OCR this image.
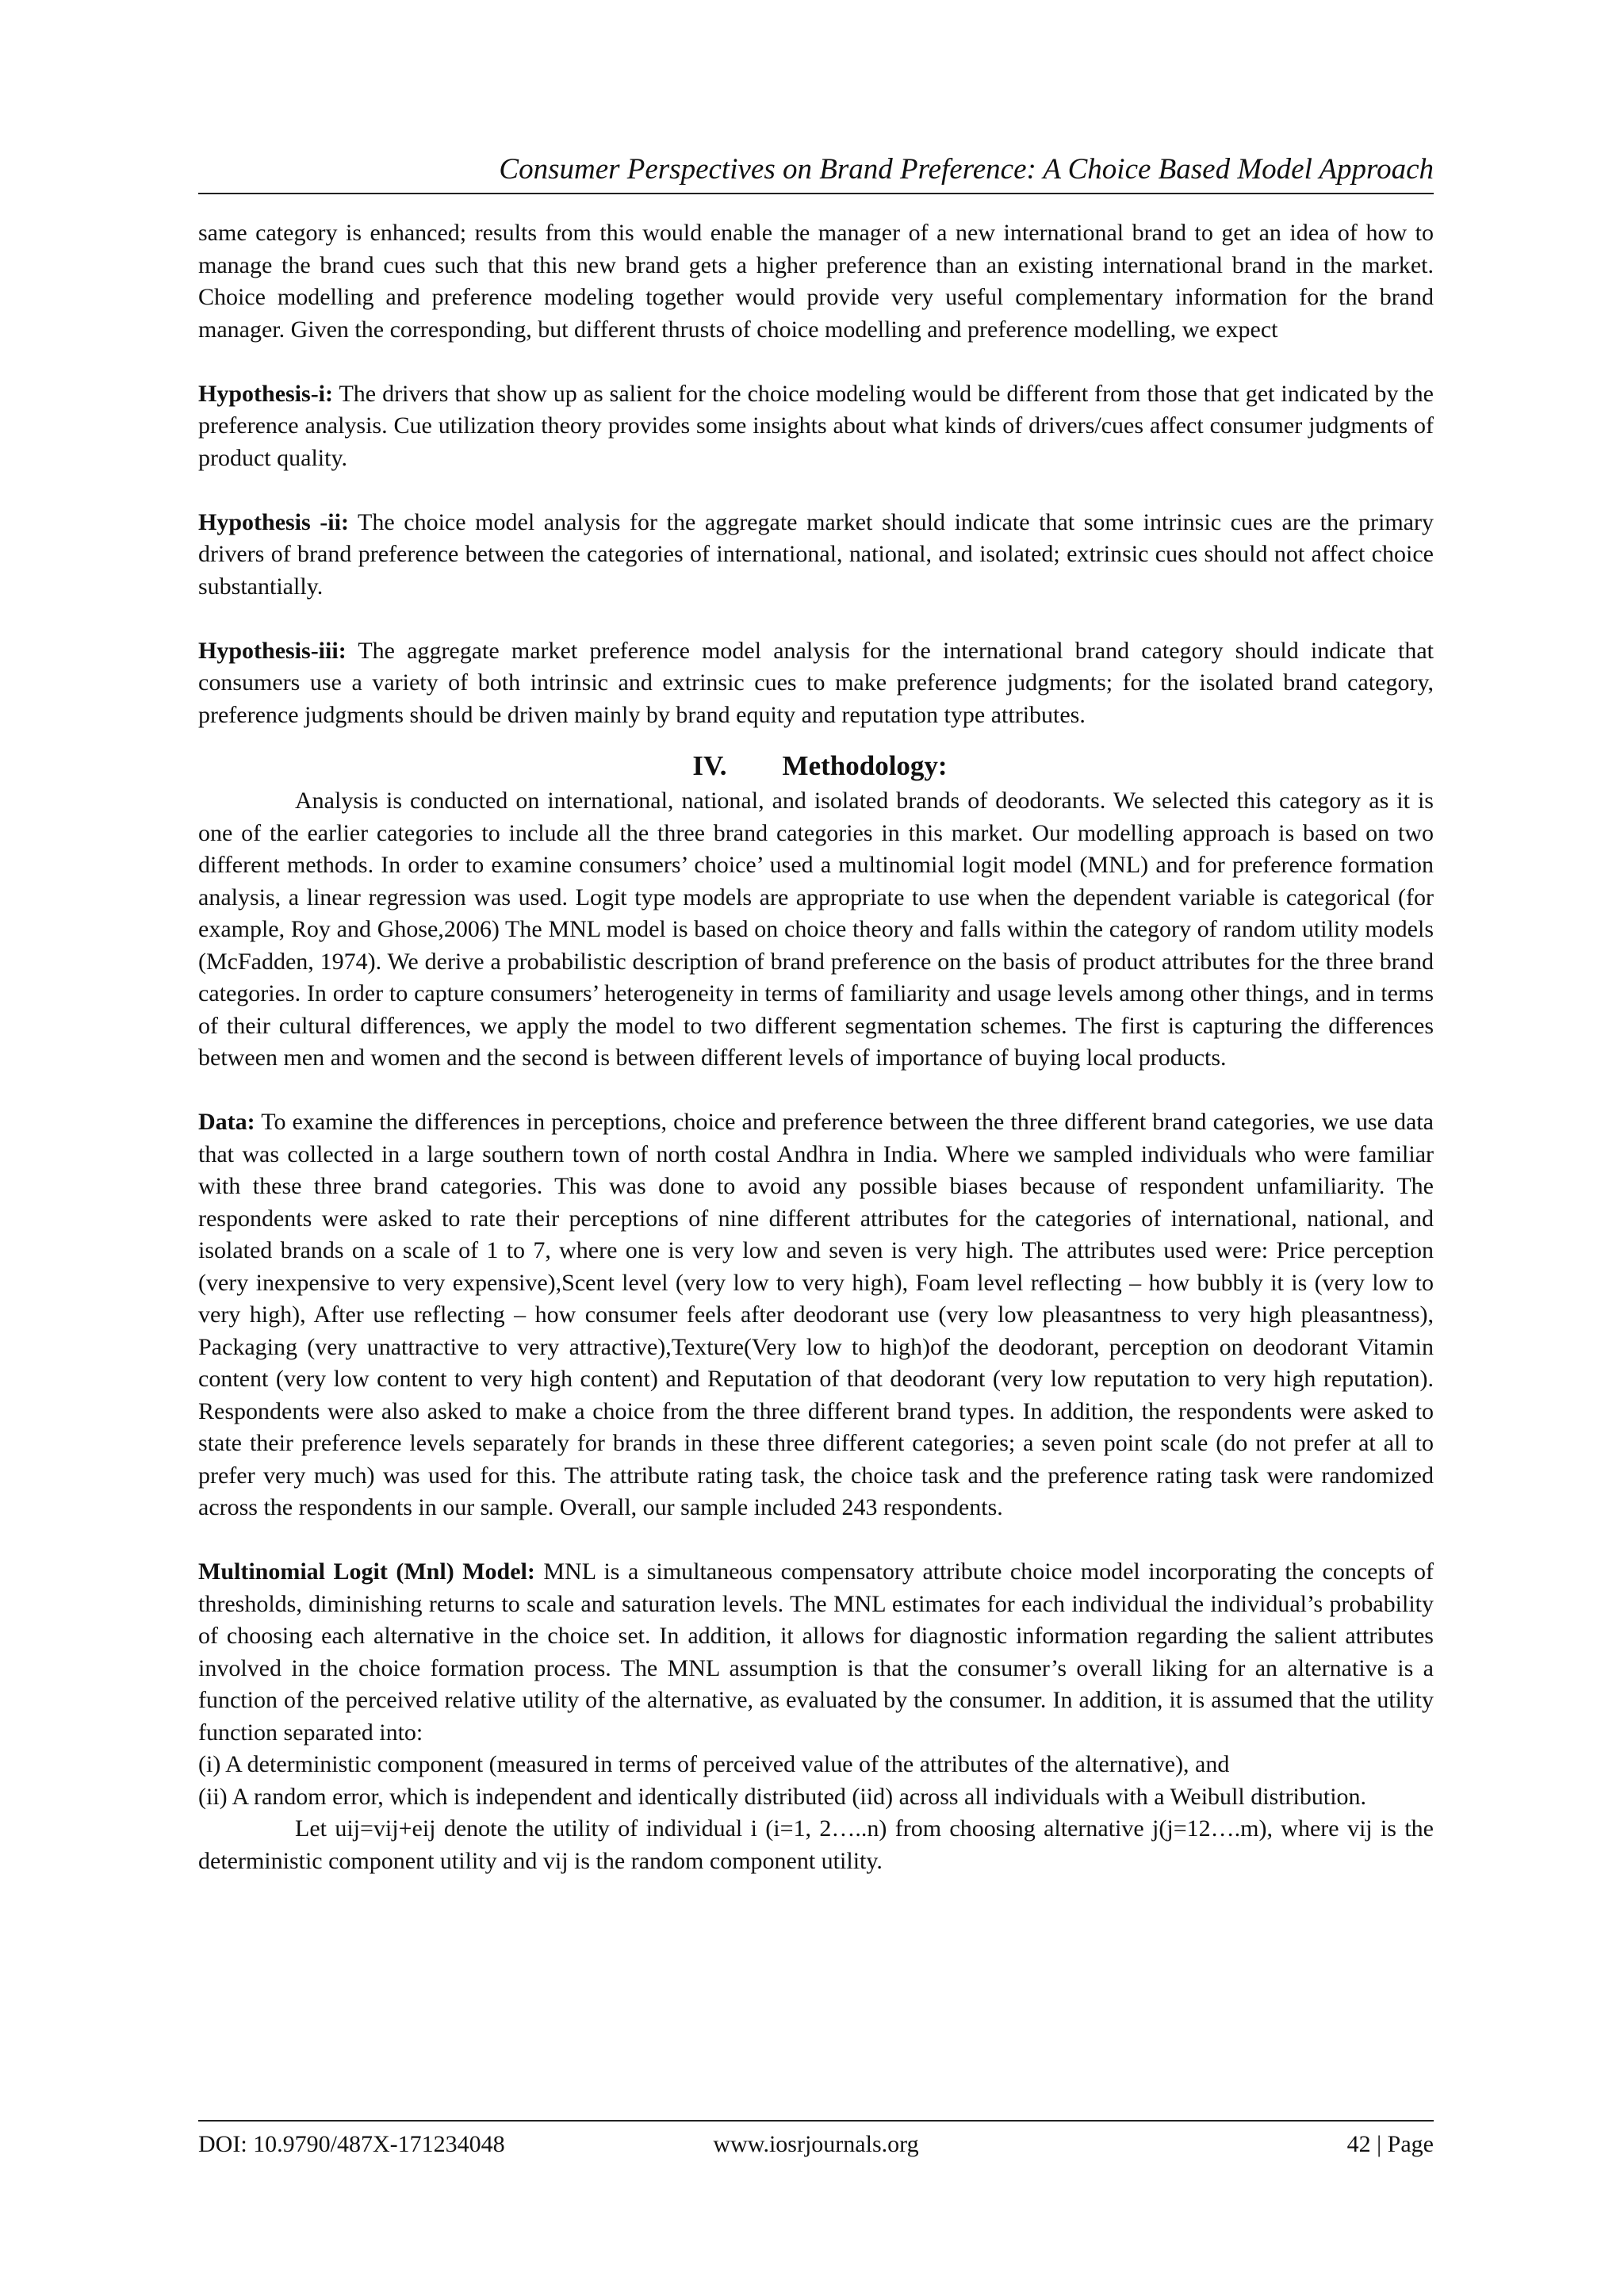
Consumer Perspectives on Brand Preference: A Choice Based Model Approach

same category is enhanced; results from this would enable the manager of a new international brand to get an idea of how to manage the brand cues such that this new brand gets a higher preference than an existing international brand in the market. Choice modelling and preference modeling together would provide very useful complementary information for the brand manager. Given the corresponding, but different thrusts of choice modelling and preference modelling, we expect

Hypothesis-i: The drivers that show up as salient for the choice modeling would be different from those that get indicated by the preference analysis. Cue utilization theory provides some insights about what kinds of drivers/cues affect consumer judgments of product quality.

Hypothesis -ii: The choice model analysis for the aggregate market should indicate that some intrinsic cues are the primary drivers of brand preference between the categories of international, national, and isolated; extrinsic cues should not affect choice substantially.

Hypothesis-iii: The aggregate market preference model analysis for the international brand category should indicate that consumers use a variety of both intrinsic and extrinsic cues to make preference judgments; for the isolated brand category, preference judgments should be driven mainly by brand equity and reputation type attributes.

IV. Methodology:

Analysis is conducted on international, national, and isolated brands of deodorants. We selected this category as it is one of the earlier categories to include all the three brand categories in this market. Our modelling approach is based on two different methods. In order to examine consumers’ choice’ used a multinomial logit model (MNL) and for preference formation analysis, a linear regression was used. Logit type models are appropriate to use when the dependent variable is categorical (for example, Roy and Ghose,2006) The MNL model is based on choice theory and falls within the category of random utility models (McFadden, 1974). We derive a probabilistic description of brand preference on the basis of product attributes for the three brand categories. In order to capture consumers’ heterogeneity in terms of familiarity and usage levels among other things, and in terms of their cultural differences, we apply the model to two different segmentation schemes. The first is capturing the differences between men and women and the second is between different levels of importance of buying local products.

Data: To examine the differences in perceptions, choice and preference between the three different brand categories, we use data that was collected in a large southern town of north costal Andhra in India. Where we sampled individuals who were familiar with these three brand categories. This was done to avoid any possible biases because of respondent unfamiliarity. The respondents were asked to rate their perceptions of nine different attributes for the categories of international, national, and isolated brands on a scale of 1 to 7, where one is very low and seven is very high. The attributes used were: Price perception (very inexpensive to very expensive),Scent level (very low to very high), Foam level reflecting – how bubbly it is (very low to very high), After use reflecting – how consumer feels after deodorant use (very low pleasantness to very high pleasantness), Packaging (very unattractive to very attractive),Texture(Very low to high)of the deodorant, perception on deodorant Vitamin content (very low content to very high content) and Reputation of that deodorant (very low reputation to very high reputation). Respondents were also asked to make a choice from the three different brand types. In addition, the respondents were asked to state their preference levels separately for brands in these three different categories; a seven point scale (do not prefer at all to prefer very much) was used for this. The attribute rating task, the choice task and the preference rating task were randomized across the respondents in our sample. Overall, our sample included 243 respondents.

Multinomial Logit (Mnl) Model: MNL is a simultaneous compensatory attribute choice model incorporating the concepts of thresholds, diminishing returns to scale and saturation levels. The MNL estimates for each individual the individual’s probability of choosing each alternative in the choice set. In addition, it allows for diagnostic information regarding the salient attributes involved in the choice formation process. The MNL assumption is that the consumer’s overall liking for an alternative is a function of the perceived relative utility of the alternative, as evaluated by the consumer. In addition, it is assumed that the utility function separated into:

(i) A deterministic component (measured in terms of perceived value of the attributes of the alternative), and

(ii) A random error, which is independent and identically distributed (iid) across all individuals with a Weibull distribution.

Let uij=vij+eij denote the utility of individual i (i=1, 2…..n) from choosing alternative j(j=12….m), where vij is the deterministic component utility and vij is the random component utility.

DOI: 10.9790/487X-171234048	www.iosrjournals.org	42 | Page
